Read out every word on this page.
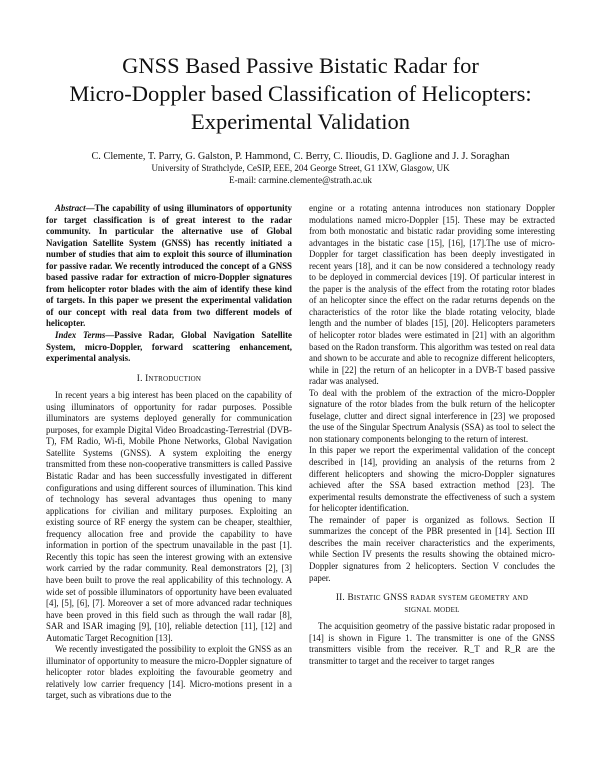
GNSS Based Passive Bistatic Radar for
Micro-Doppler based Classification of Helicopters:
Experimental Validation
C. Clemente, T. Parry, G. Galston, P. Hammond, C. Berry, C. Ilioudis, D. Gaglione and J. J. Soraghan
University of Strathclyde, CeSIP, EEE, 204 George Street, G1 1XW, Glasgow, UK
E-mail: carmine.clemente@strath.ac.uk

Abstract—The capability of using illuminators of opportunity for target classification is of great interest to the radar community. In particular the alternative use of Global Navigation Satellite System (GNSS) has recently initiated a number of studies that aim to exploit this source of illumination for passive radar. We recently introduced the concept of a GNSS based passive radar for extraction of micro-Doppler signatures from helicopter rotor blades with the aim of identify these kind of targets. In this paper we present the experimental validation of our concept with real data from two different models of helicopter.

Index Terms—Passive Radar, Global Navigation Satellite System, micro-Doppler, forward scattering enhancement, experimental analysis.

I. Introduction

In recent years a big interest has been placed on the capability of using illuminators of opportunity for radar purposes. Possible illuminators are systems deployed generally for communication purposes, for example Digital Video Broadcasting-Terrestrial (DVB-T), FM Radio, Wi-fi, Mobile Phone Networks, Global Navigation Satellite Systems (GNSS). A system exploiting the energy transmitted from these non-cooperative transmitters is called Passive Bistatic Radar and has been successfully investigated in different configurations and using different sources of illumination. This kind of technology has several advantages thus opening to many applications for civilian and military purposes. Exploiting an existing source of RF energy the system can be cheaper, stealthier, frequency allocation free and provide the capability to have information in portion of the spectrum unavailable in the past [1]. Recently this topic has seen the interest growing with an extensive work carried by the radar community. Real demonstrators [2], [3] have been built to prove the real applicability of this technology. A wide set of possible illuminators of opportunity have been evaluated [4], [5], [6], [7]. Moreover a set of more advanced radar techniques have been proved in this field such as through the wall radar [8], SAR and ISAR imaging [9], [10], reliable detection [11], [12] and Automatic Target Recognition [13].

We recently investigated the possibility to exploit the GNSS as an illuminator of opportunity to measure the micro-Doppler signature of helicopter rotor blades exploiting the favourable geometry and relatively low carrier frequency [14]. Micro-motions present in a target, such as vibrations due to the

engine or a rotating antenna introduces non stationary Doppler modulations named micro-Doppler [15]. These may be extracted from both monostatic and bistatic radar providing some interesting advantages in the bistatic case [15], [16], [17].The use of micro-Doppler for target classification has been deeply investigated in recent years [18], and it can be now considered a technology ready to be deployed in commercial devices [19]. Of particular interest in the paper is the analysis of the effect from the rotating rotor blades of an helicopter since the effect on the radar returns depends on the characteristics of the rotor like the blade rotating velocity, blade length and the number of blades [15], [20]. Helicopters parameters of helicopter rotor blades were estimated in [21] with an algorithm based on the Radon transform. This algorithm was tested on real data and shown to be accurate and able to recognize different helicopters, while in [22] the return of an helicopter in a DVB-T based passive radar was analysed.

To deal with the problem of the extraction of the micro-Doppler signature of the rotor blades from the bulk return of the helicopter fuselage, clutter and direct signal interference in [23] we proposed the use of the Singular Spectrum Analysis (SSA) as tool to select the non stationary components belonging to the return of interest.

In this paper we report the experimental validation of the concept described in [14], providing an analysis of the returns from 2 different helicopters and showing the micro-Doppler signatures achieved after the SSA based extraction method [23]. The experimental results demonstrate the effectiveness of such a system for helicopter identification.

The remainder of paper is organized as follows. Section II summarizes the concept of the PBR presented in [14]. Section III describes the main receiver characteristics and the experiments, while Section IV presents the results showing the obtained micro-Doppler signatures from 2 helicopters. Section V concludes the paper.

II. Bistatic GNSS radar system geometry and
signal model

The acquisition geometry of the passive bistatic radar proposed in [14] is shown in Figure 1. The transmitter is one of the GNSS transmitters visible from the receiver. R_T and R_R are the transmitter to target and the receiver to target ranges
